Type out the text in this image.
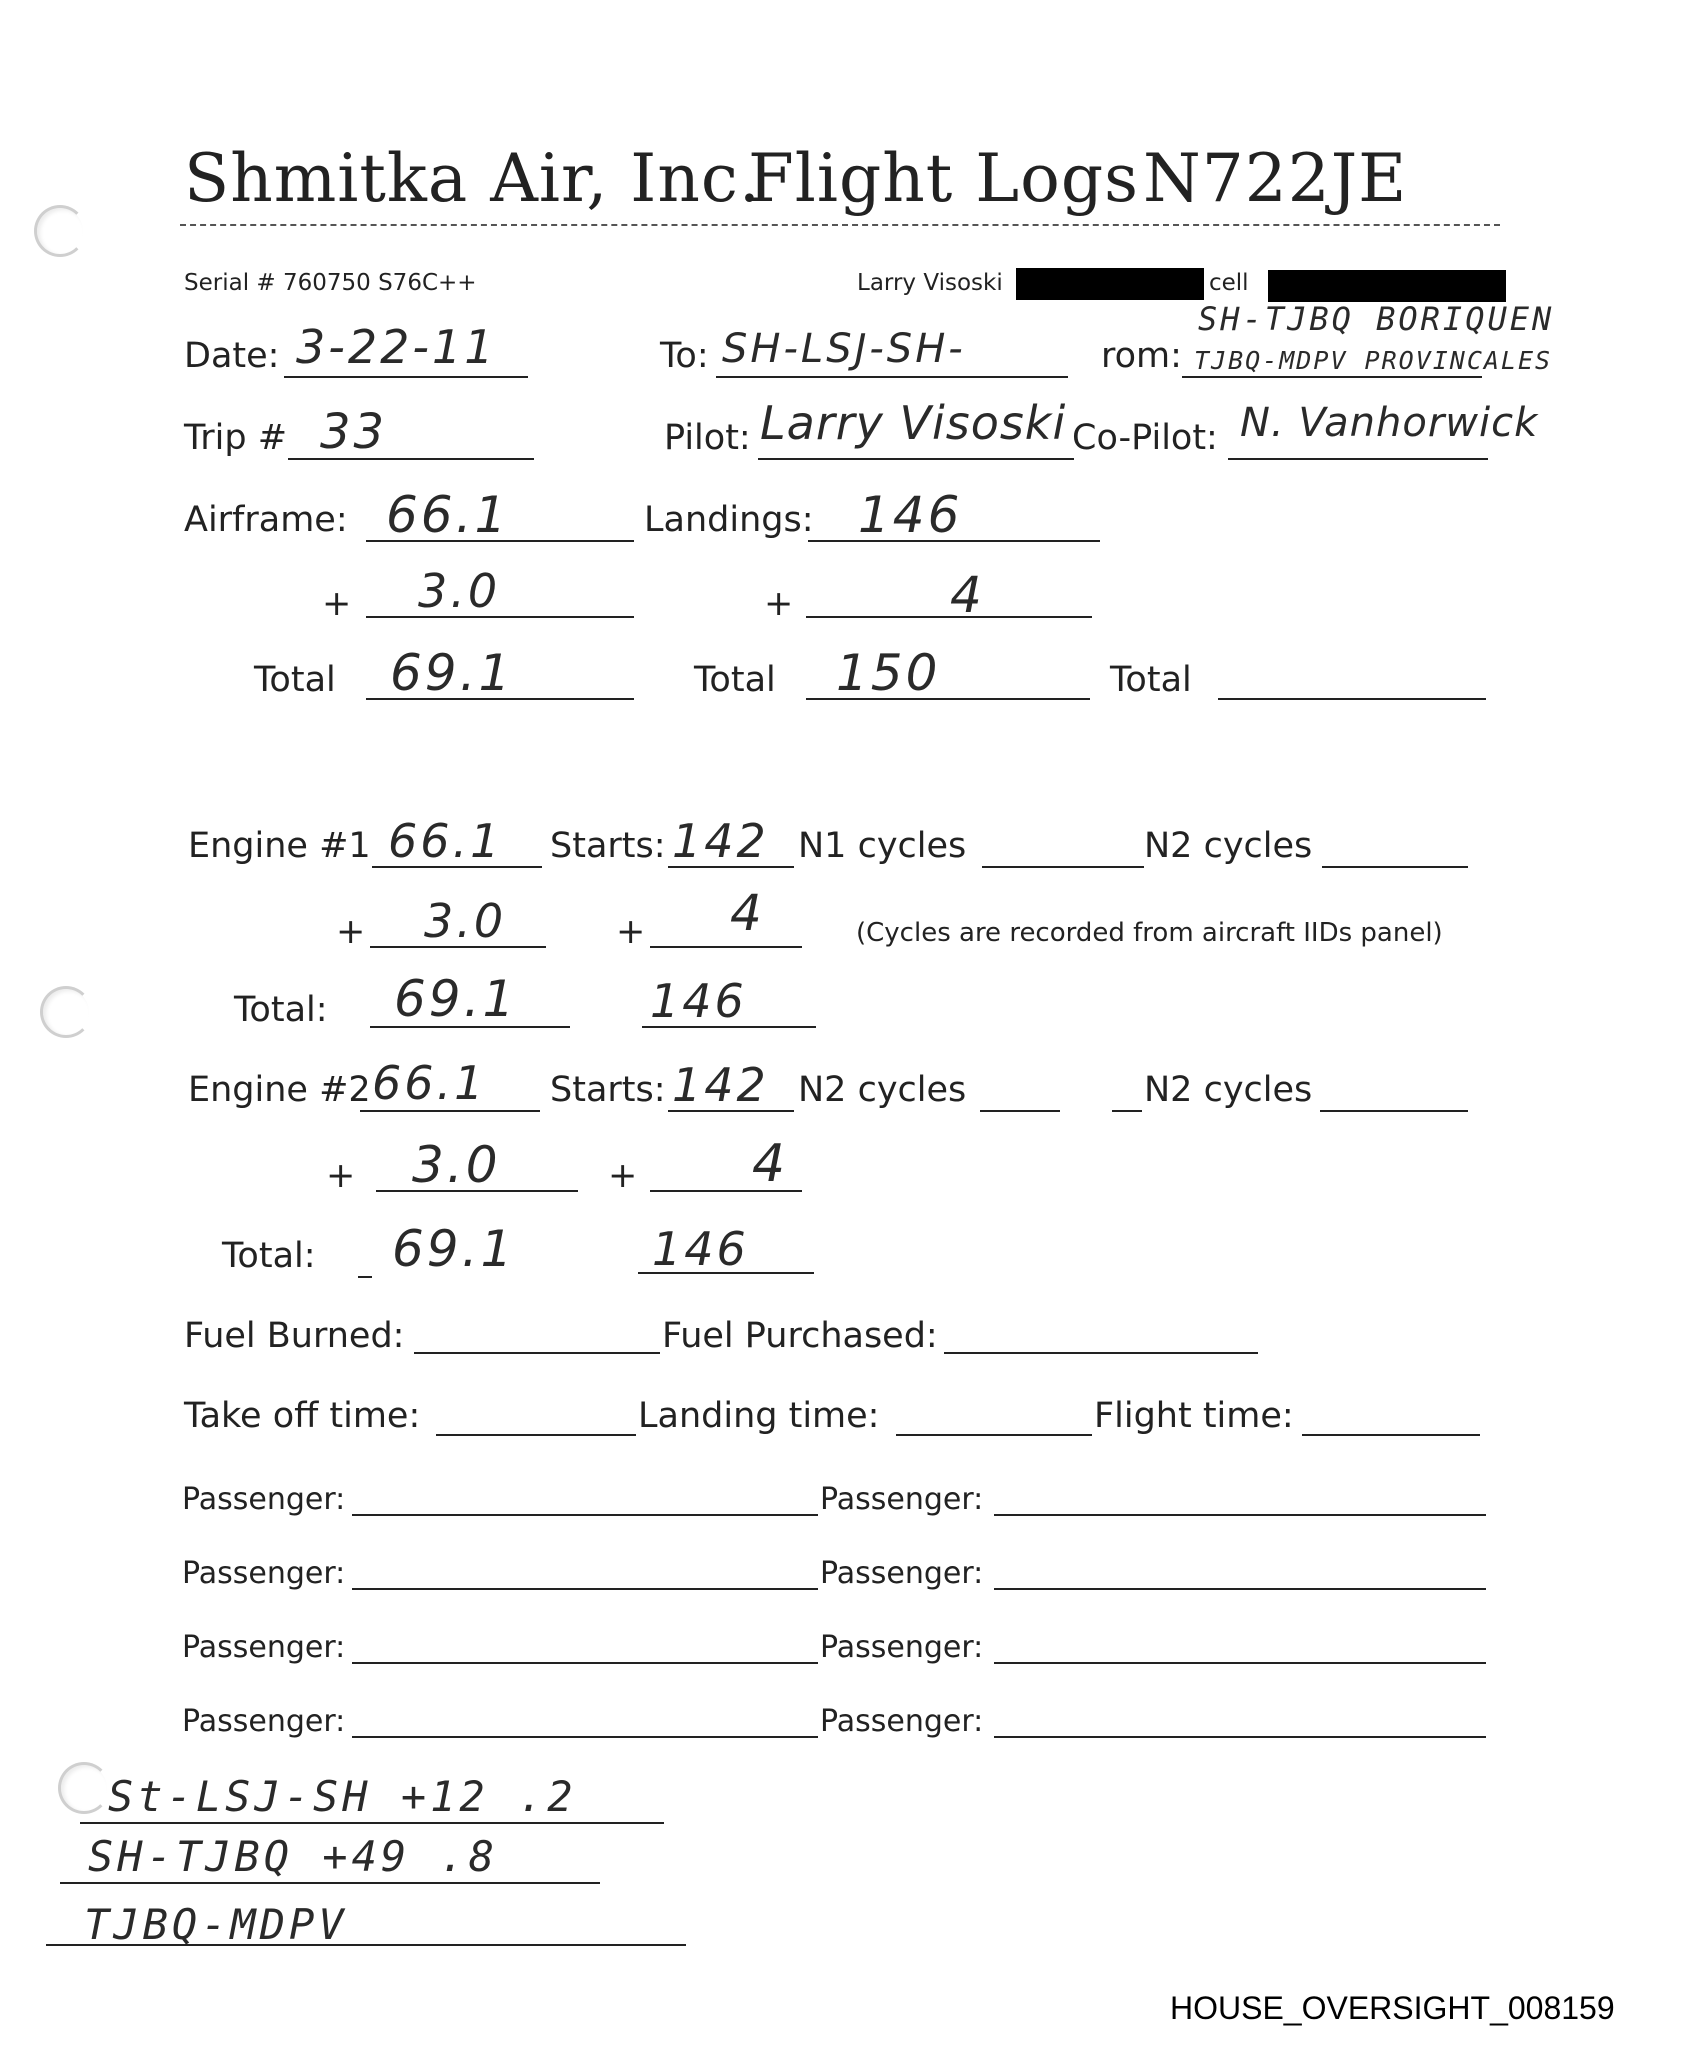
Shmitka Air, Inc.
Flight Logs N722JE
Serial # 760750 S76C++	Larry Visoski	cell
Date: 3-22-11	To: SH-LSJ-SH-
SH-TJBQ BORIQUEN
rom: TJBQ-MDPV PROVINCALES
Trip # 33	Pilot: Larry Visoski Co-Pilot: N. Vanhorwick
Airframe: 66.1	Landings: 146
+ 3.0	+	4
Total 69.1	Total 150	Total
Engine #1 66.1 Starts: 142 N1 cycles	N2 cycles
+ 3.0	+ 4	(Cycles are recorded from aircraft IIDs panel)
Total: 69.1	146
Engine #2 66.1 Starts: 142 N2 cycles	N2 cycles
+ 3.0	+ 4
Total: 69.1	146
Fuel Burned:	Fuel Purchased:
Take off time:	Landing time:	Flight time:
Passenger:	Passenger:
Passenger:	Passenger:
Passenger:	Passenger:
Passenger:	Passenger:
St-LSJ-SH +12 .2
SH-TJBQ +49 .8
TJBQ-MDPV
HOUSE_OVERSIGHT_008159
